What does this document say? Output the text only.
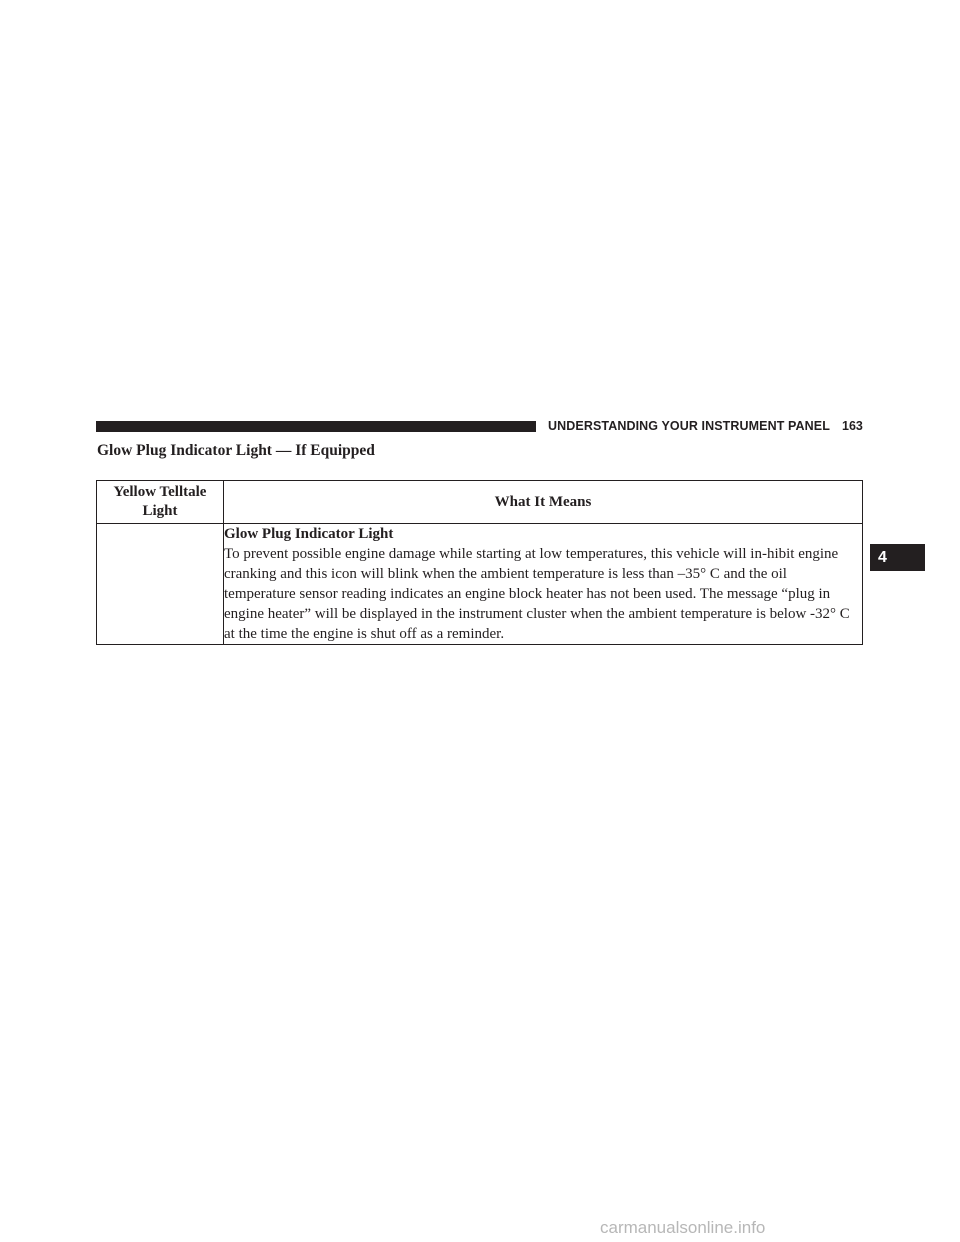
UNDERSTANDING YOUR INSTRUMENT PANEL 163
Glow Plug Indicator Light — If Equipped
Yellow Telltale
Light	What It Means

	Glow Plug Indicator Light
To prevent possible engine damage while starting at low temperatures, this vehicle will in-hibit engine cranking and this icon will blink when the ambient temperature is less than –35° C and the oil temperature sensor reading indicates an engine block heater has not been used. The message “plug in engine heater” will be displayed in the instrument cluster when the ambient temperature is below -32° C at the time the engine is shut off as a reminder.
4
carmanualsonline.info
